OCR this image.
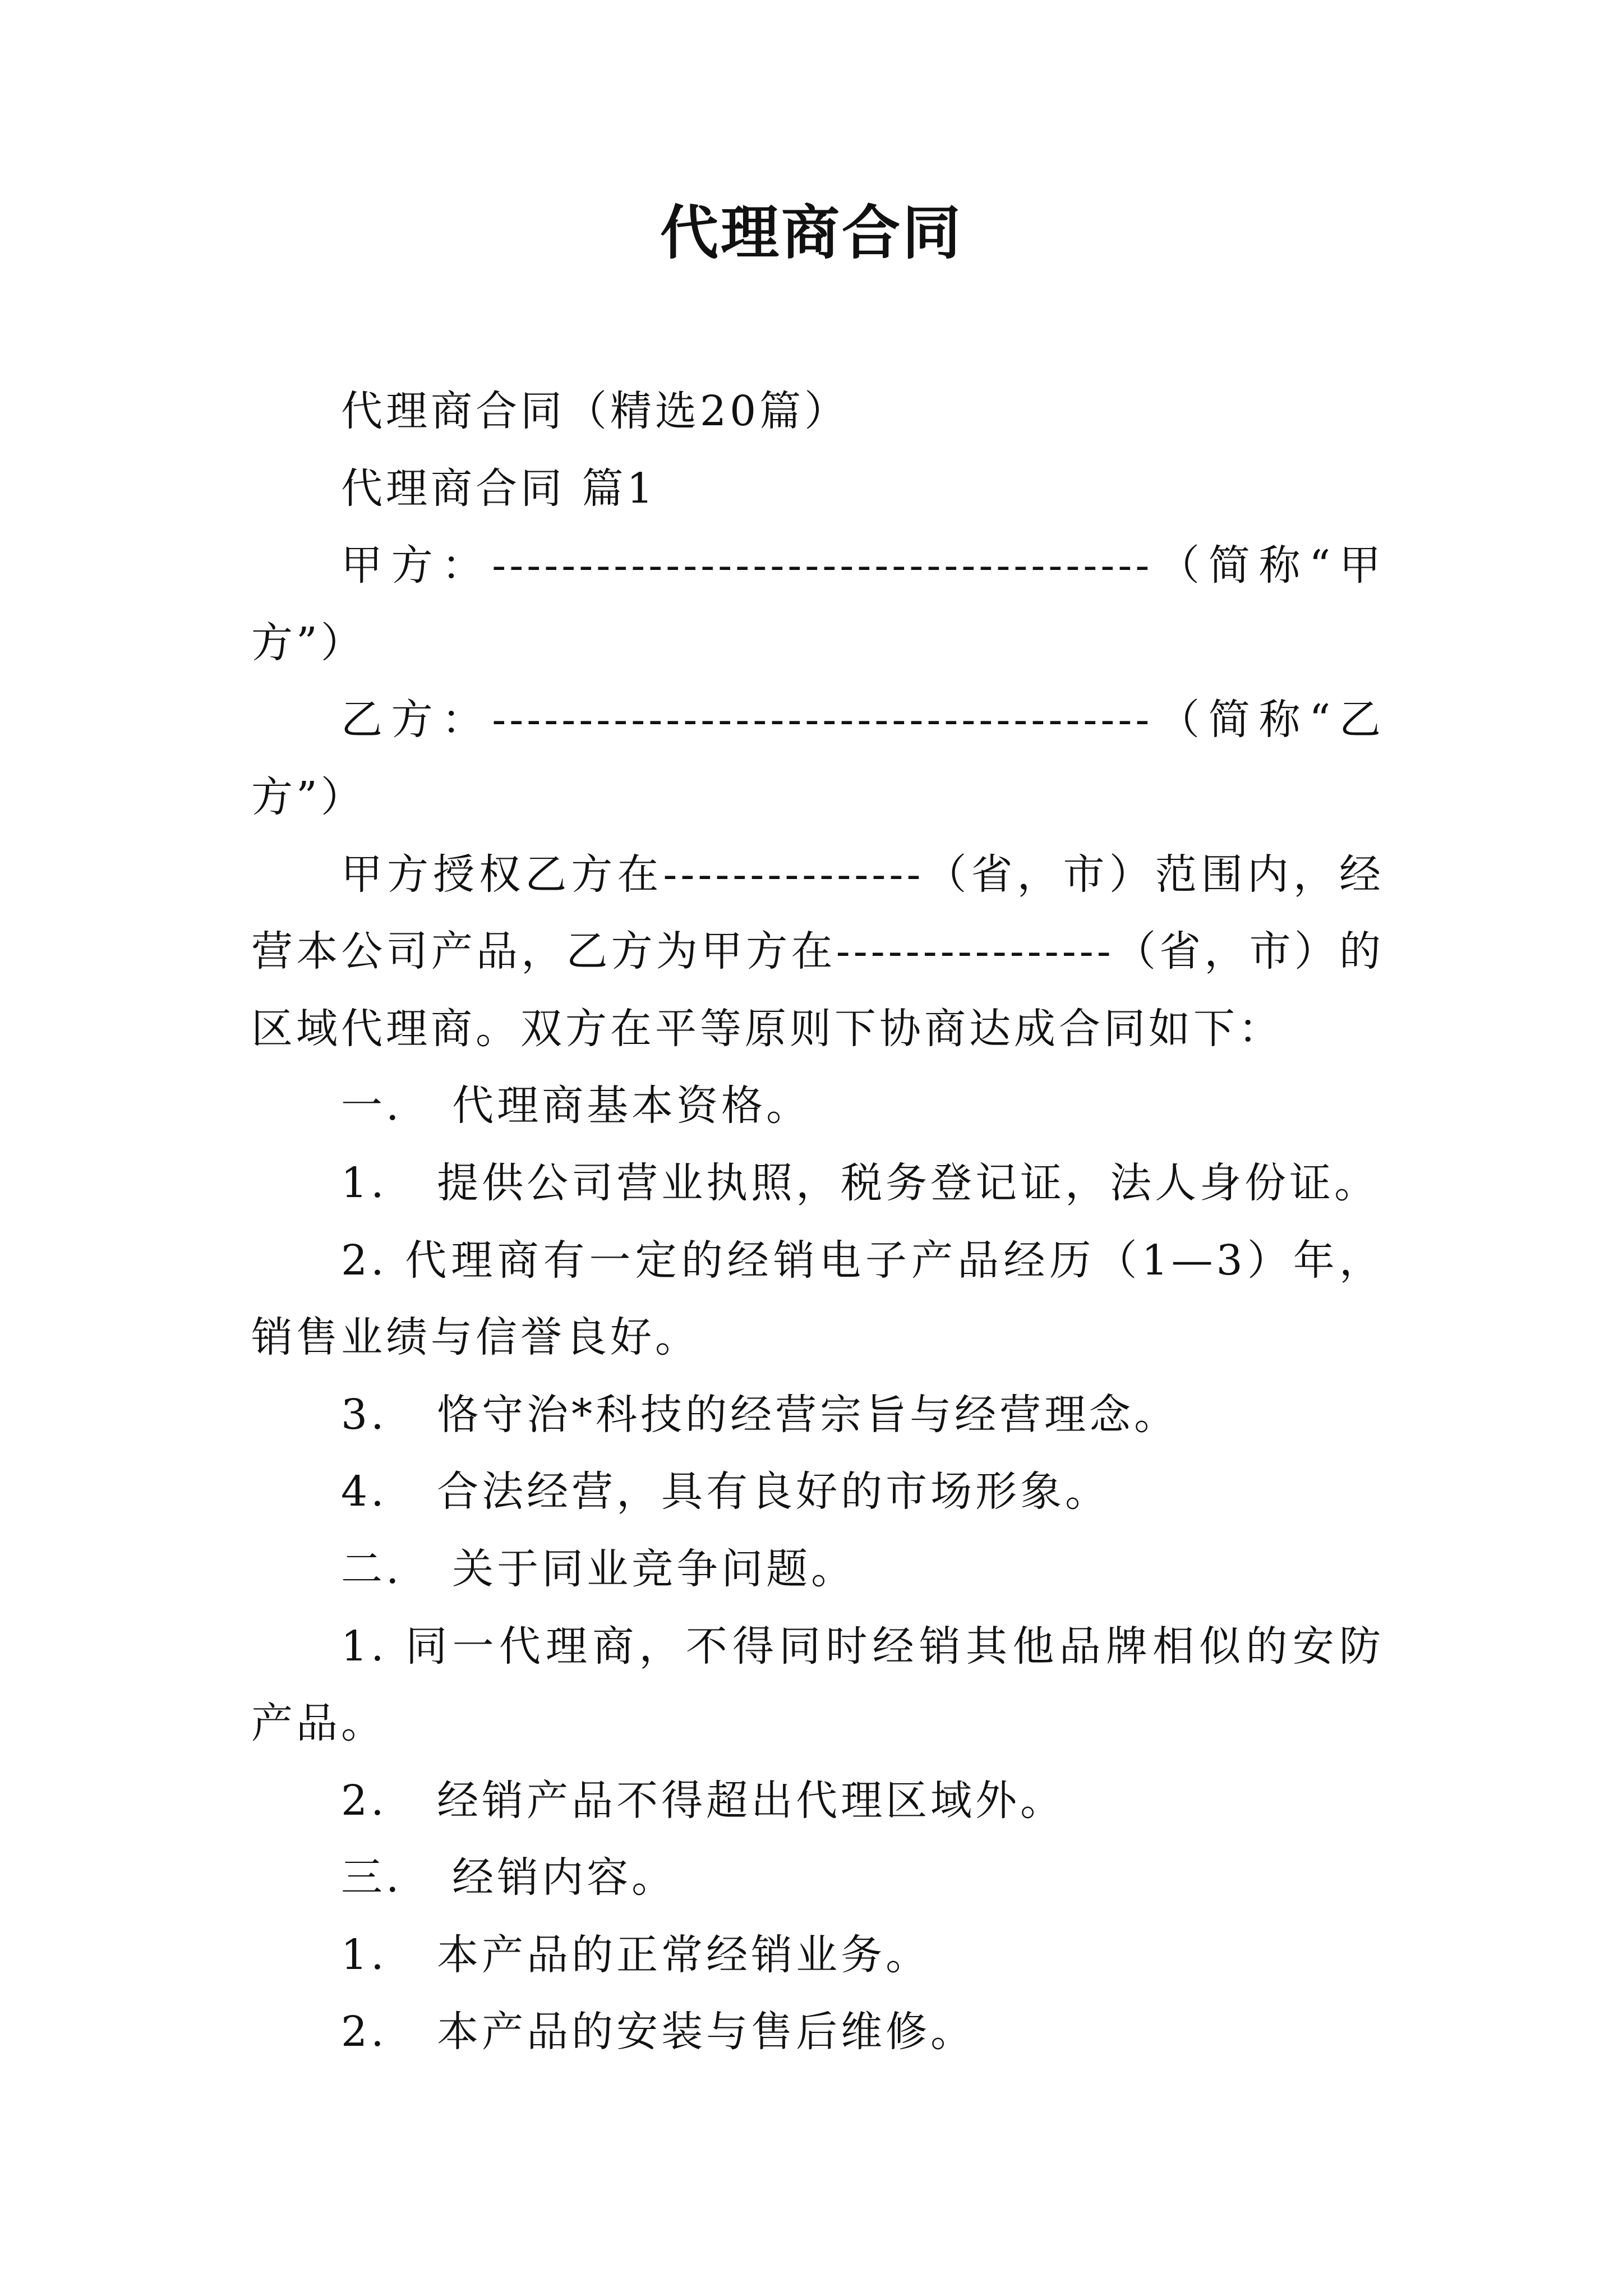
代理商合同

代理商合同（精选20篇）

代理商合同 篇1

甲方：--------------------------------------（简称“甲方”）

乙方：--------------------------------------（简称“乙方”）

甲方授权乙方在---------------（省，市）范围内，经营本公司产品，乙方为甲方在----------------（省，市）的区域代理商。双方在平等原则下协商达成合同如下：

一.   代理商基本资格。

1.   提供公司营业执照，税务登记证，法人身份证。

2. 代理商有一定的经销电子产品经历（1—3）年，销售业绩与信誉良好。

3.   恪守治*科技的经营宗旨与经营理念。

4.   合法经营，具有良好的市场形象。

二.   关于同业竞争问题。

1. 同一代理商，不得同时经销其他品牌相似的安防产品。

2.   经销产品不得超出代理区域外。

三.   经销内容。

1.   本产品的正常经销业务。

2.   本产品的安装与售后维修。
